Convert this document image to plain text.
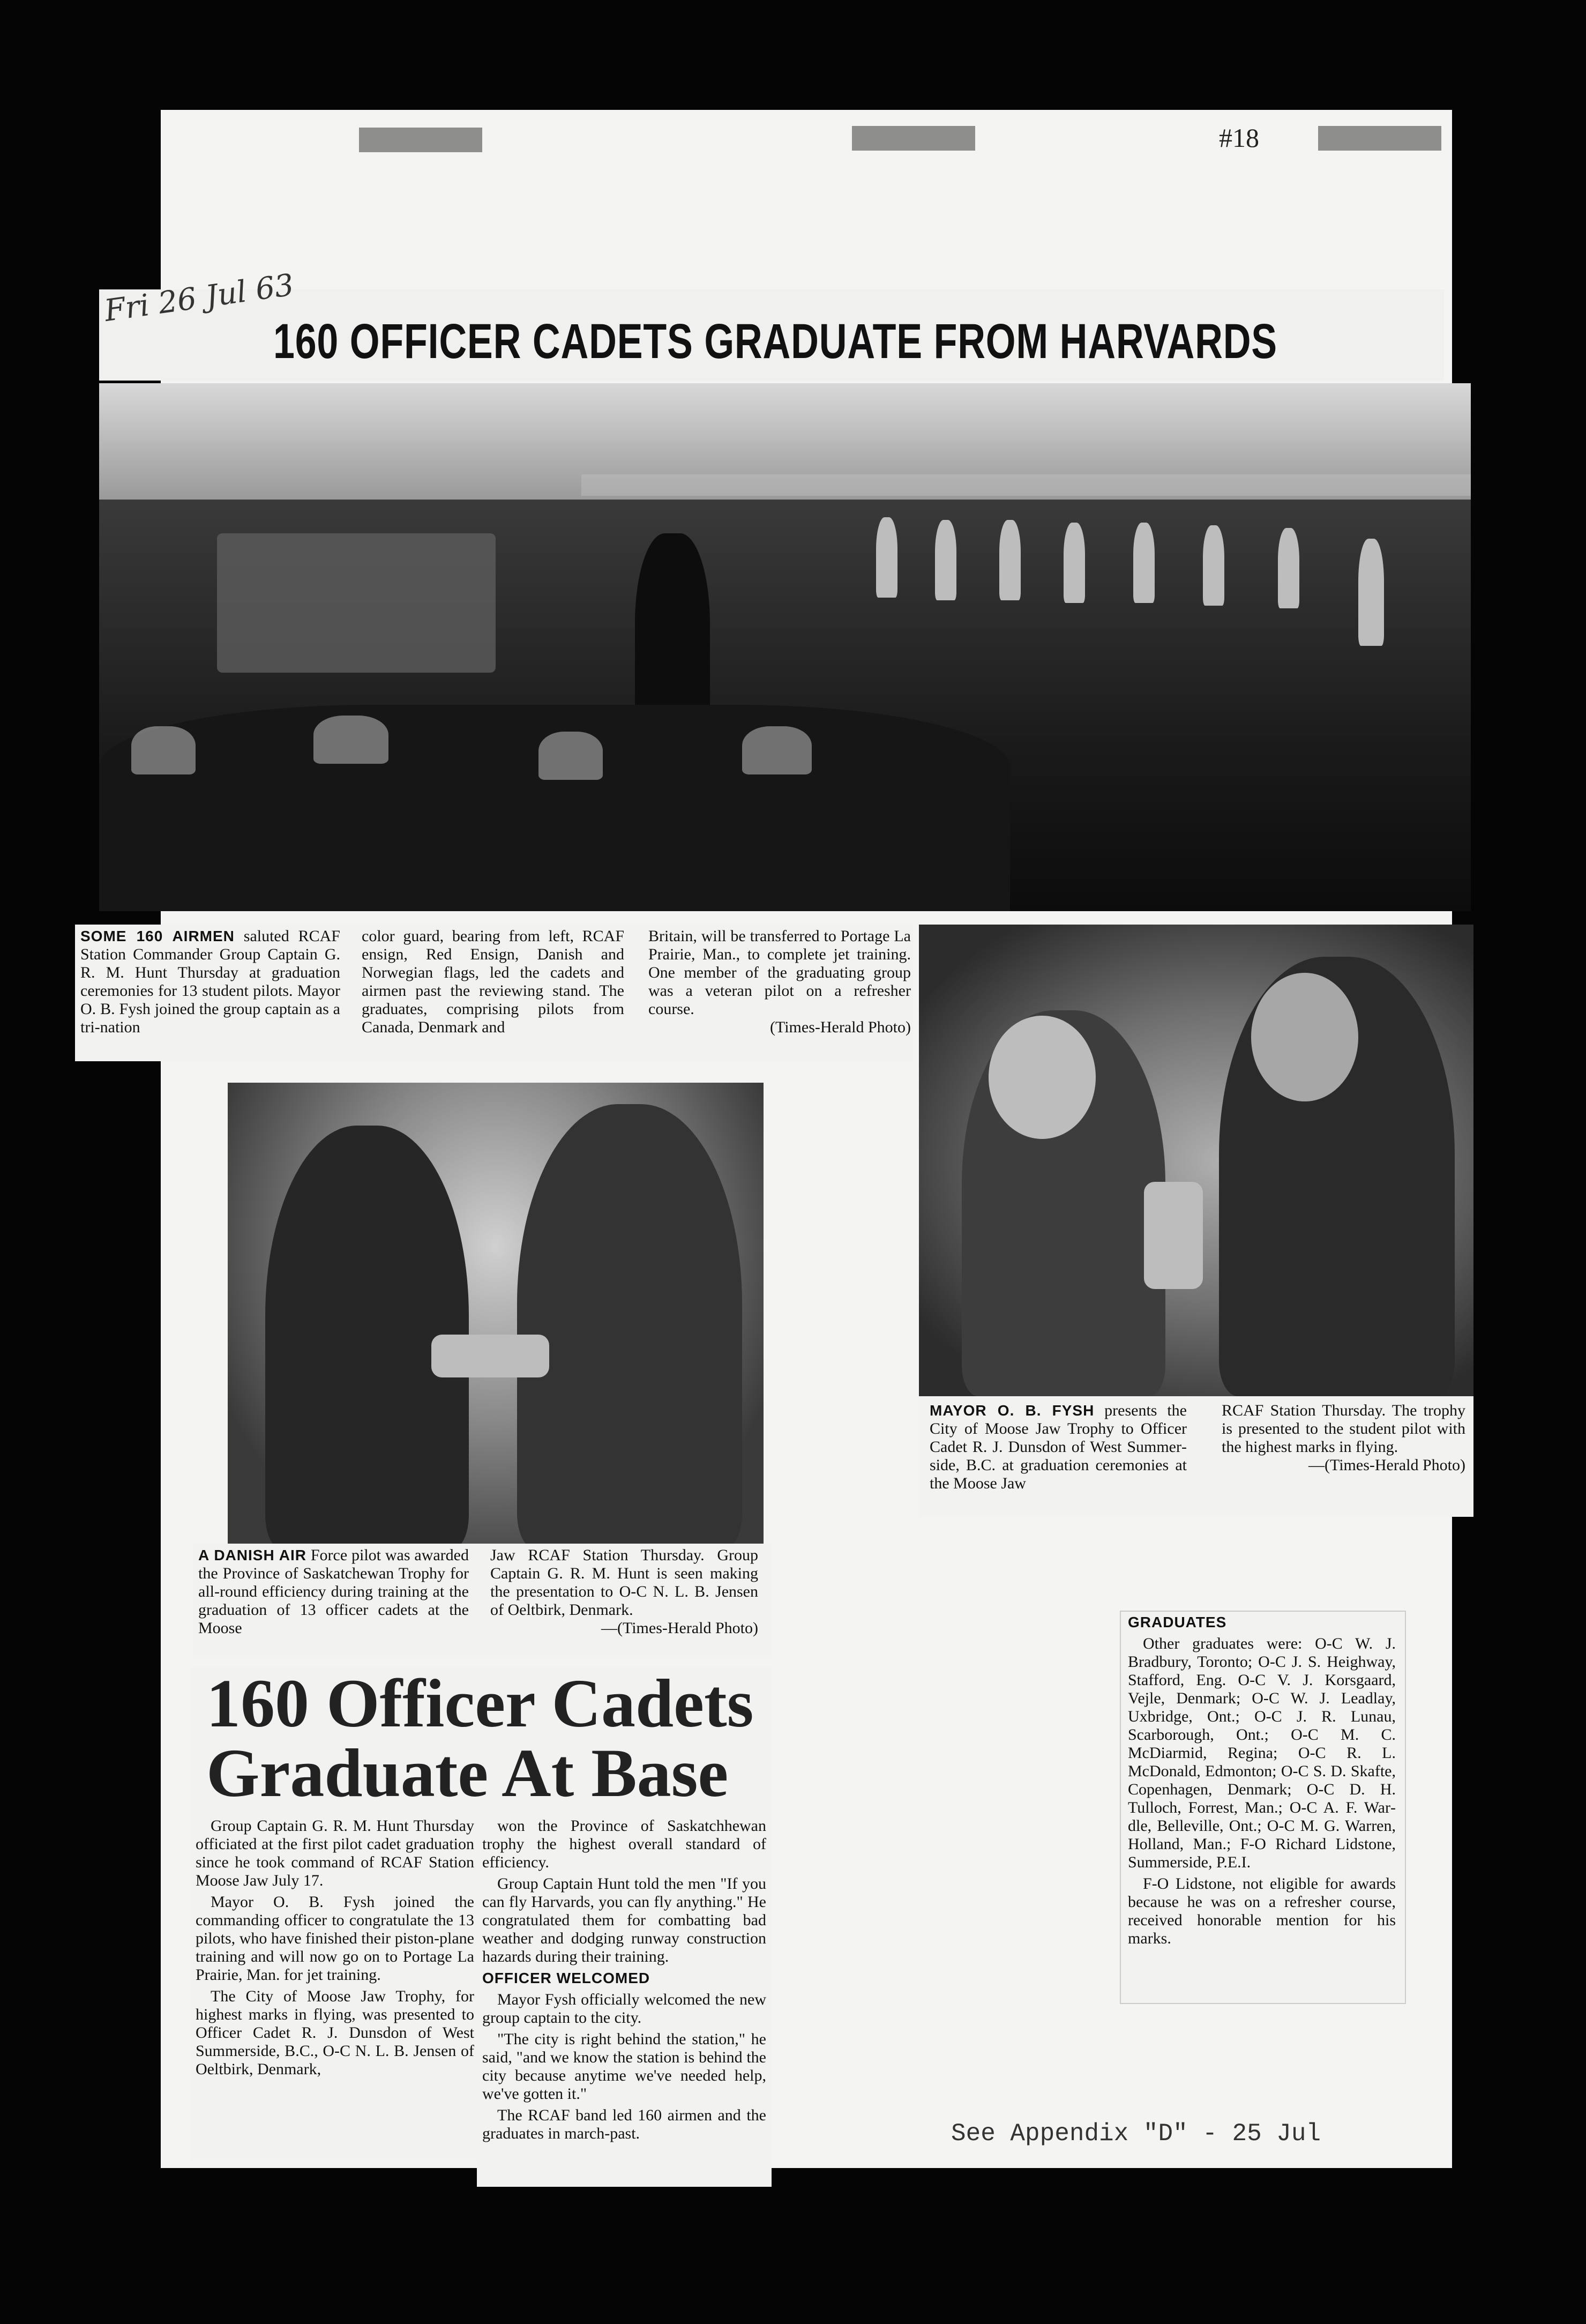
#18
Fri 26 Jul 63
160 OFFICER CADETS GRADUATE FROM HARVARDS
SOME 160 AIRMEN saluted RCAF Station Commander Group Captain G. R. M. Hunt Thursday at graduation ceremonies for 13 student pilots. Mayor O. B. Fysh joined the group captain as a tri-nation
color guard, bearing from left, RCAF ensign, Red Ensign, Danish and Norwegian flags, led the cadets and airmen past the reviewing stand. The graduates, comprising pilots from Canada, Denmark and
Britain, will be transferred to Portage La Prairie, Man., to complete jet training. One member of the graduating group was a veteran pilot on a refresher course.
(Times-Herald Photo)
A DANISH AIR Force pilot was awarded the Province of Saskatchewan Trophy for all-round efficiency during training at the graduation of 13 officer cadets at the Moose
Jaw RCAF Station Thursday. Group Captain G. R. M. Hunt is seen making the presentation to O-C N. L. B. Jensen of Oeltbirk, Denmark.
—(Times-Herald Photo)
MAYOR O. B. FYSH presents the City of Moose Jaw Trophy to Officer Cadet R. J. Dunsdon of West Summerside, B.C. at graduation ceremonies at the Moose Jaw
RCAF Station Thursday. The trophy is presented to the student pilot with the highest marks in flying.
—(Times-Herald Photo)
160 Officer Cadets
Graduate At Base

Group Captain G. R. M. Hunt Thursday officiated at the first pilot cadet graduation since he took command of RCAF Station Moose Jaw July 17.

Mayor O. B. Fysh joined the commanding officer to congratulate the 13 pilots, who have finished their piston-plane training and will now go on to Portage La Prairie, Man. for jet training.

The City of Moose Jaw Trophy, for highest marks in flying, was presented to Officer Cadet R. J. Dunsdon of West Summerside, B.C., O-C N. L. B. Jensen of Oeltbirk, Denmark,

won the Province of Saskatchhewan trophy the highest overall standard of efficiency.

Group Captain Hunt told the men "If you can fly Harvards, you can fly anything." He congratulated them for combatting bad weather and dodging runway construction hazards during their training.

OFFICER WELCOMED

Mayor Fysh officially welcomed the new group captain to the city.

"The city is right behind the station," he said, "and we know the station is behind the city because anytime we've needed help, we've gotten it."

The RCAF band led 160 airmen and the graduates in march-past.

GRADUATES

Other graduates were: O-C W. J. Bradbury, Toronto; O-C J. S. Heighway, Stafford, Eng. O-C V. J. Korsgaard, Vejle, Denmark; O-C W. J. Leadlay, Uxbridge, Ont.; O-C J. R. Lunau, Scarborough, Ont.; O-C M. C. McDiarmid, Regina; O-C R. L. McDonald, Edmonton; O-C S. D. Skafte, Copenhagen, Denmark; O-C D. H. Tulloch, Forrest, Man.; O-C A. F. Wardle, Belleville, Ont.; O-C M. G. Warren, Holland, Man.; F-O Richard Lidstone, Summerside, P.E.I.

F-O Lidstone, not eligible for awards because he was on a refresher course, received honorable mention for his marks.

See Appendix "D" - 25 Jul
